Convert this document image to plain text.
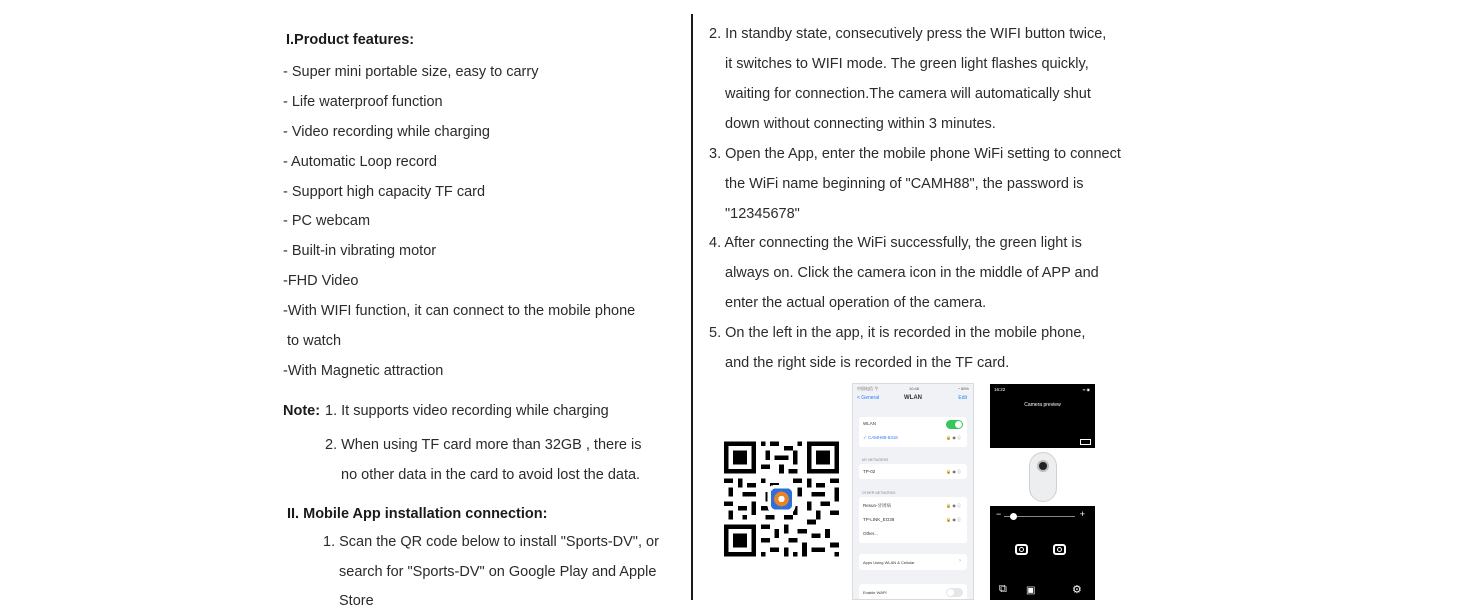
I.Product features:
- Super mini portable size, easy to carry
- Life waterproof function
- Video recording while charging
- Automatic Loop record
- Support high capacity TF card
- PC webcam
- Built-in vibrating motor
-FHD Video
-With WIFI function, it can connect to the mobile phone
to watch
-With Magnetic attraction
Note: 1. It supports video recording while charging
2. When using TF card more than 32GB , there is
no other data in the card to avoid lost the data.
II. Mobile App installation connection:
1. Scan the QR code below to install "Sports-DV", or
search for "Sports-DV" on Google Play and Apple
Store
2. In standby state, consecutively press the WIFI button twice,
it switches to WIFI mode. The green light flashes quickly,
waiting for connection.The camera will automatically shut
down without connecting within 3 minutes.
3. Open the App, enter the mobile phone WiFi setting to connect
the WiFi name beginning of "CAMH88", the password is
"12345678"
4. After connecting the WiFi successfully, the green light is
always on. Click the camera icon in the middle of APP and
enter the actual operation of the camera.
5. On the left in the app, it is recorded in the mobile phone,
and the right side is recorded in the TF card.
中国电信 令	10:48	◔ 65%
< General	WLAN	Edit
WLAN
✓ CAMH88-8316	🔒 ◉ ⓘ
MY NETWORKS
TP-02	🔒 ◉ ⓘ
OTHER NETWORKS
Resun-牙周病	🔒 ◉ ⓘ
TP-LINK_EO38	🔒 ◉ ⓘ
Other...
Apps Using WLAN & Cellular	›
Enable WAPI
16:22	▪▪ ◉
Camera preview
−	+
⧉ ▣	⚙
